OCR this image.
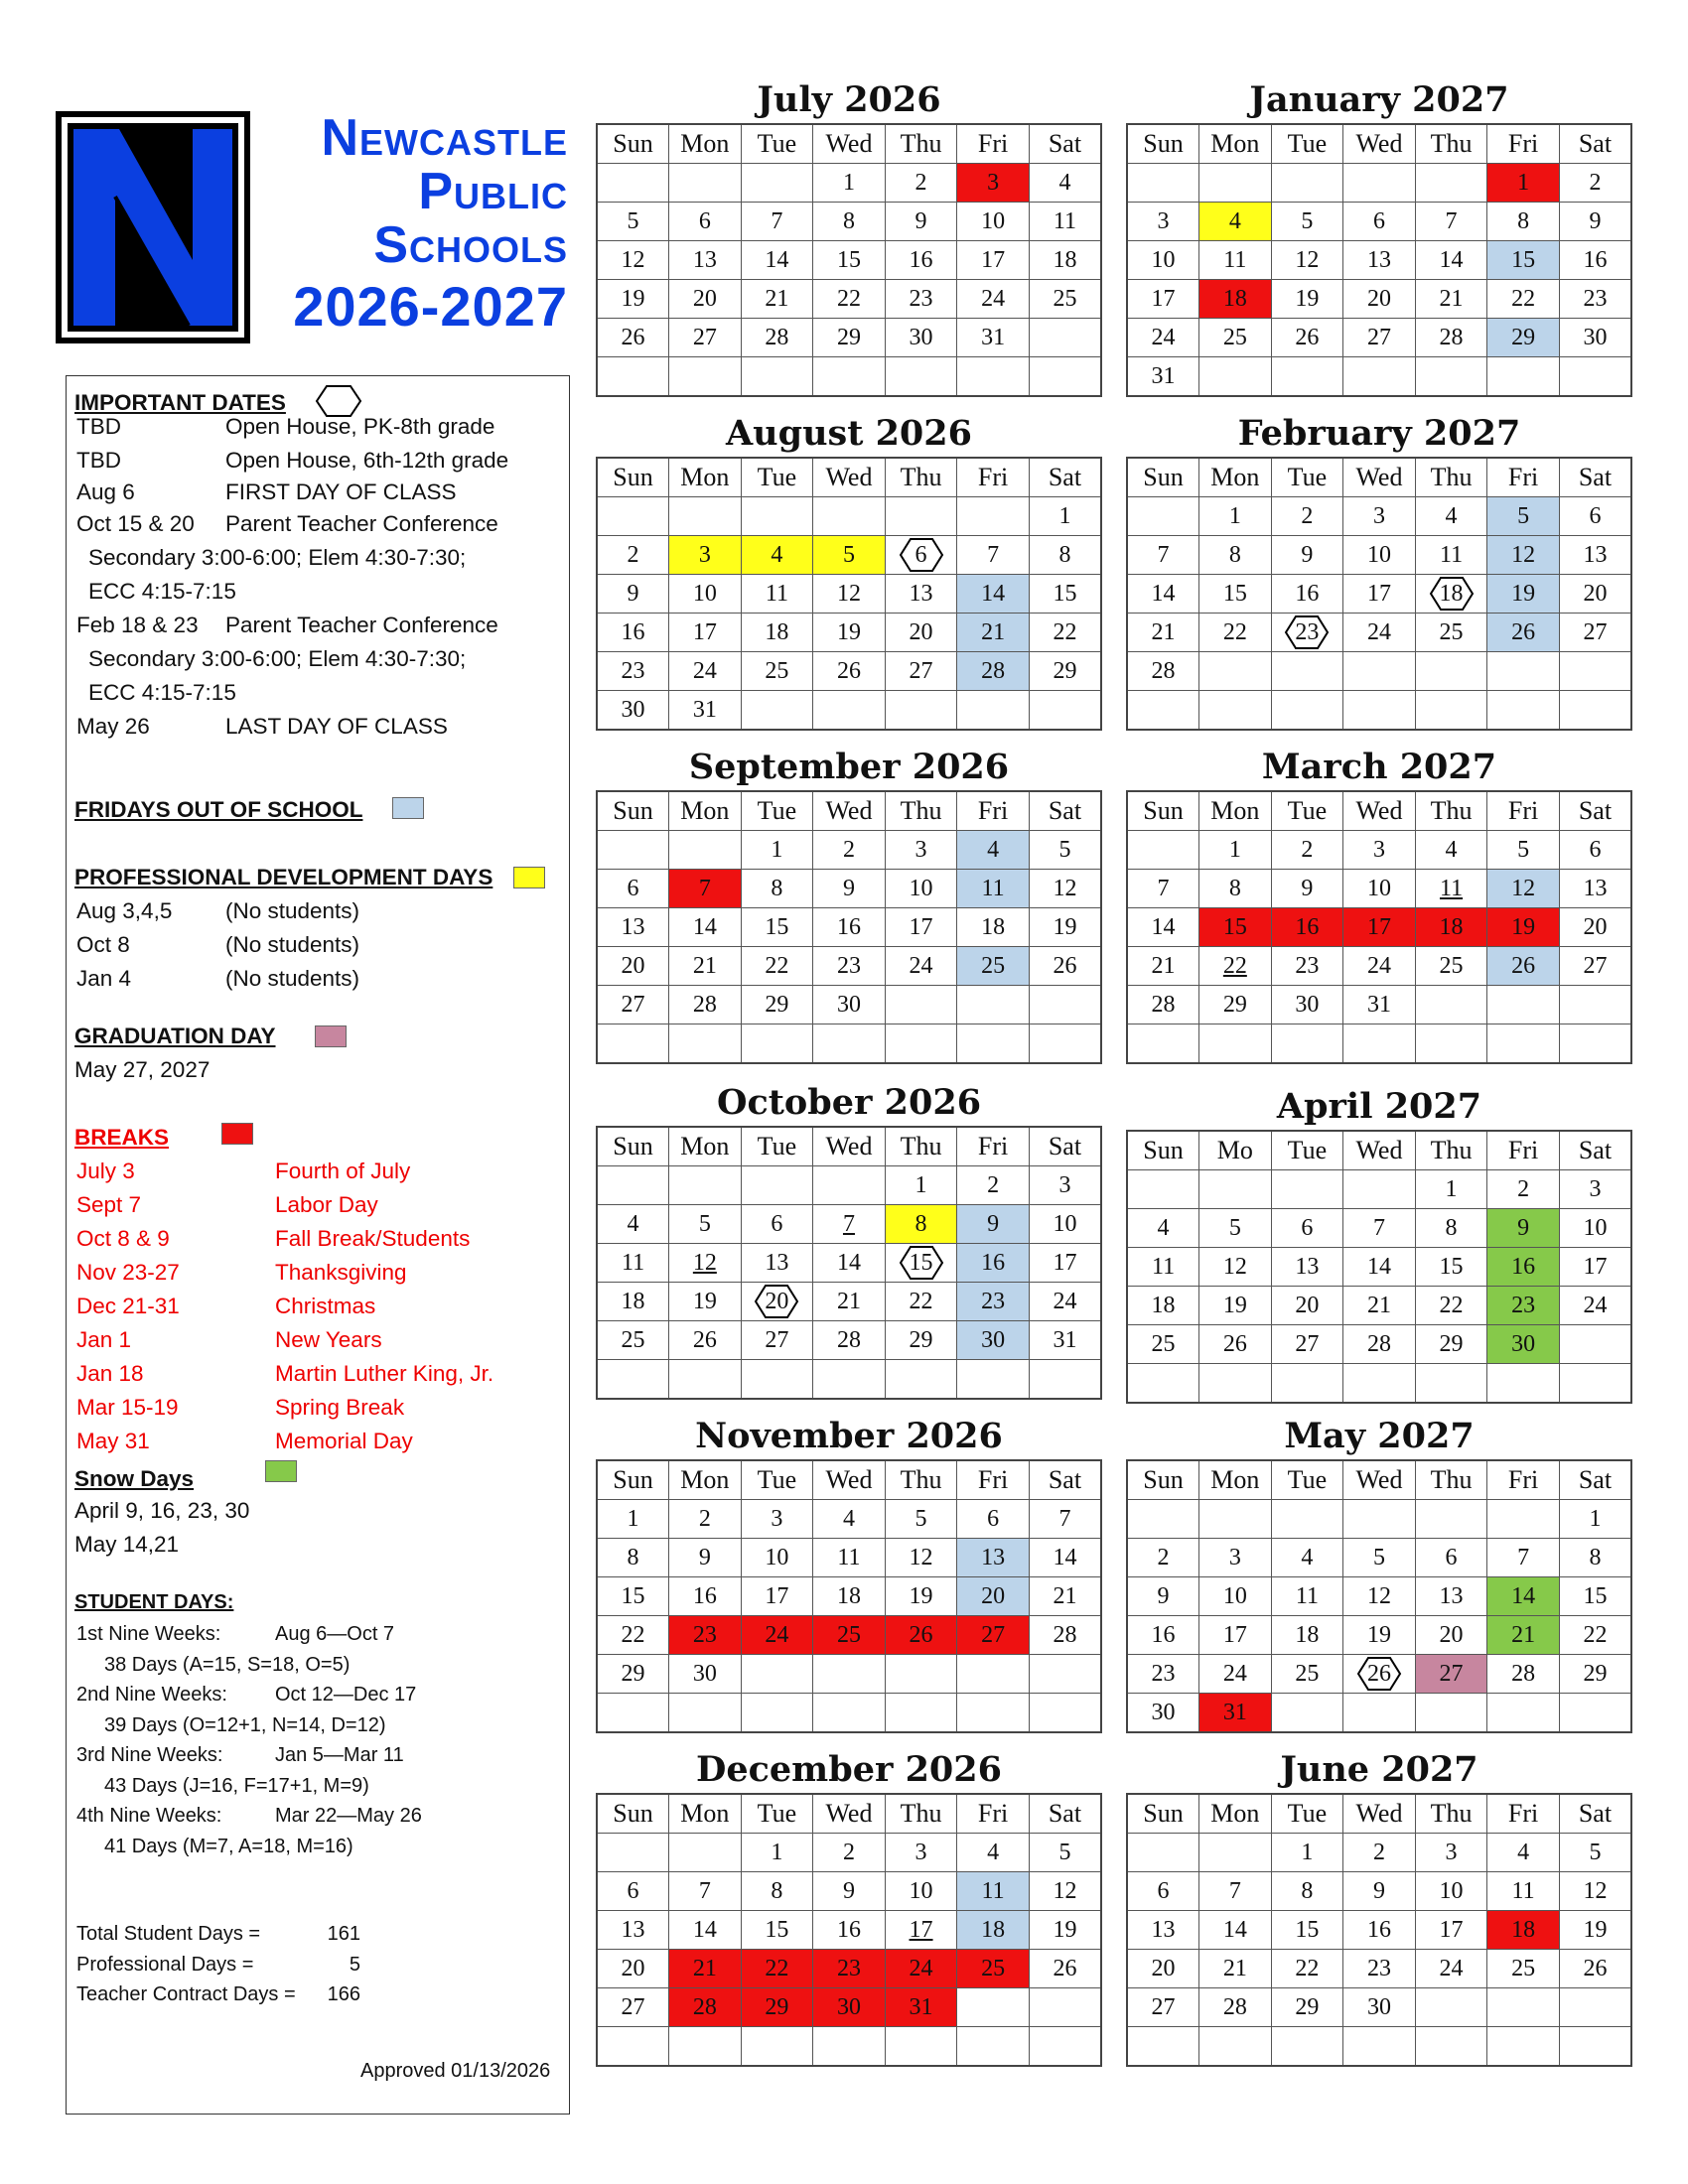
Newcastle
Public
Schools
2026-2027
IMPORTANT DATES
TBD	Open House, PK-8th grade
TBD	Open House, 6th-12th grade
Aug 6	FIRST DAY OF CLASS
Oct 15 & 20 Parent Teacher Conference
Secondary 3:00-6:00; Elem 4:30-7:30;
ECC 4:15-7:15
Feb 18 & 23 Parent Teacher Conference
Secondary 3:00-6:00; Elem 4:30-7:30;
ECC 4:15-7:15
May 26	LAST DAY OF CLASS
FRIDAYS OUT OF SCHOOL
PROFESSIONAL DEVELOPMENT DAYS
Aug 3,4,5 (No students)
Oct 8	(No students)
Jan 4	(No students)
GRADUATION DAY
May 27, 2027
BREAKS
July 3	Fourth of July
Sept 7	Labor Day
Oct 8 & 9	Fall Break/Students
Nov 23-27	Thanksgiving
Dec 21-31	Christmas
Jan 1	New Years
Jan 18	Martin Luther King, Jr.
Mar 15-19	Spring Break
May 31	Memorial Day
Snow Days
April 9, 16, 23, 30
May 14,21
STUDENT DAYS:
1st Nine Weeks:	Aug 6—Oct 7
38 Days (A=15, S=18, O=5)
2nd Nine Weeks: Oct 12—Dec 17
39 Days (O=12+1, N=14, D=12)
3rd Nine Weeks:	Jan 5—Mar 11
43 Days (J=16, F=17+1, M=9)
4th Nine Weeks:	Mar 22—May 26
41 Days (M=7, A=18, M=16)
Total Student Days =	161
Professional Days =	5
Teacher Contract Days = 166
Approved 01/13/2026
July 2026
Sun	Mon	Tue	Wed	Thu	Fri	Sat
			1	2	3	4
5	6	7	8	9	10	11
12	13	14	15	16	17	18
19	20	21	22	23	24	25
26	27	28	29	30	31	

August 2026
Sun	Mon	Tue	Wed	Thu	Fri	Sat
						1
2	3	4	5	6	7	8
9	10	11	12	13	14	15
16	17	18	19	20	21	22
23	24	25	26	27	28	29
30	31					
September 2026
Sun	Mon	Tue	Wed	Thu	Fri	Sat
		1	2	3	4	5
6	7	8	9	10	11	12
13	14	15	16	17	18	19
20	21	22	23	24	25	26
27	28	29	30			

October 2026
Sun	Mon	Tue	Wed	Thu	Fri	Sat
				1	2	3
4	5	6	7	8	9	10
11	12	13	14	15	16	17
18	19	20	21	22	23	24
25	26	27	28	29	30	31

November 2026
Sun	Mon	Tue	Wed	Thu	Fri	Sat
1	2	3	4	5	6	7
8	9	10	11	12	13	14
15	16	17	18	19	20	21
22	23	24	25	26	27	28
29	30					

December 2026
Sun	Mon	Tue	Wed	Thu	Fri	Sat
		1	2	3	4	5
6	7	8	9	10	11	12
13	14	15	16	17	18	19
20	21	22	23	24	25	26
27	28	29	30	31		

January 2027
Sun	Mon	Tue	Wed	Thu	Fri	Sat
					1	2
3	4	5	6	7	8	9
10	11	12	13	14	15	16
17	18	19	20	21	22	23
24	25	26	27	28	29	30
31						
February 2027
Sun	Mon	Tue	Wed	Thu	Fri	Sat
	1	2	3	4	5	6
7	8	9	10	11	12	13
14	15	16	17	18	19	20
21	22	23	24	25	26	27
28						

March 2027
Sun	Mon	Tue	Wed	Thu	Fri	Sat
	1	2	3	4	5	6
7	8	9	10	11	12	13
14	15	16	17	18	19	20
21	22	23	24	25	26	27
28	29	30	31			

April 2027
Sun	Mo	Tue	Wed	Thu	Fri	Sat
				1	2	3
4	5	6	7	8	9	10
11	12	13	14	15	16	17
18	19	20	21	22	23	24
25	26	27	28	29	30	

May 2027
Sun	Mon	Tue	Wed	Thu	Fri	Sat
						1
2	3	4	5	6	7	8
9	10	11	12	13	14	15
16	17	18	19	20	21	22
23	24	25	26	27	28	29
30	31					
June 2027
Sun	Mon	Tue	Wed	Thu	Fri	Sat
		1	2	3	4	5
6	7	8	9	10	11	12
13	14	15	16	17	18	19
20	21	22	23	24	25	26
27	28	29	30			
